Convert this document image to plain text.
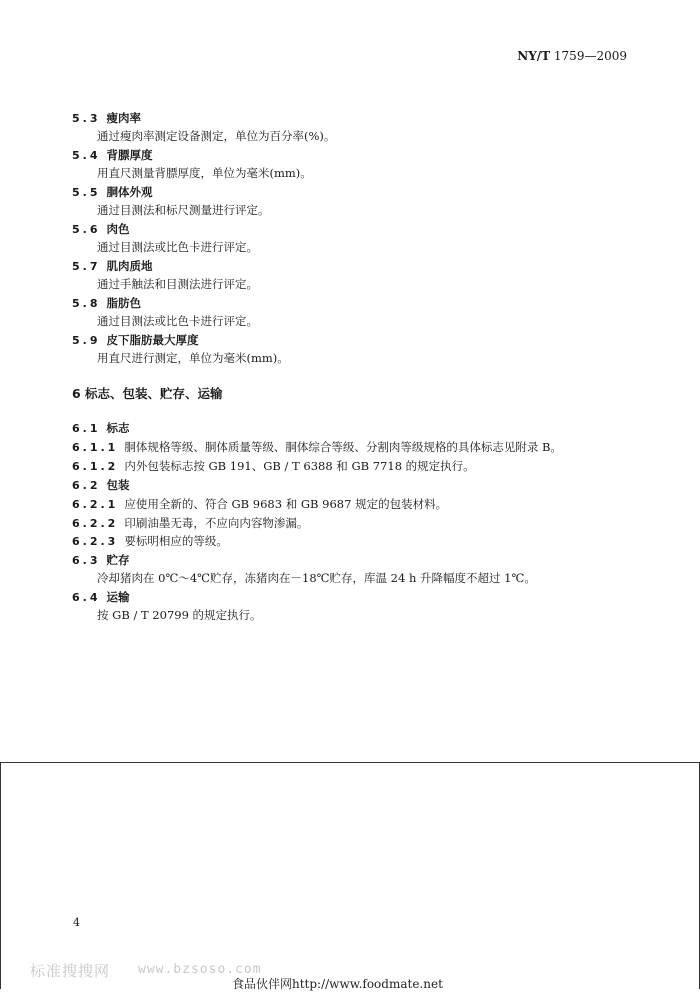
NY/T 1759—2009
5.3 瘦肉率
通过瘦肉率测定设备测定，单位为百分率(%)。
5.4 背膘厚度
用直尺测量背膘厚度，单位为毫米(mm)。
5.5 胴体外观
通过目测法和标尺测量进行评定。
5.6 肉色
通过目测法或比色卡进行评定。
5.7 肌肉质地
通过手触法和目测法进行评定。
5.8 脂肪色
通过目测法或比色卡进行评定。
5.9 皮下脂肪最大厚度
用直尺进行测定，单位为毫米(mm)。
6 标志、包装、贮存、运输
6.1 标志
6.1.1 胴体规格等级、胴体质量等级、胴体综合等级、分割肉等级规格的具体标志见附录 B。
6.1.2 内外包装标志按 GB 191、GB / T 6388 和 GB 7718 的规定执行。
6.2 包装
6.2.1 应使用全新的、符合 GB 9683 和 GB 9687 规定的包装材料。
6.2.2 印刷油墨无毒，不应向内容物渗漏。
6.2.3 要标明相应的等级。
6.3 贮存
冷却猪肉在 0℃～4℃贮存，冻猪肉在－18℃贮存，库温 24 h 升降幅度不超过 1℃。
6.4 运输
按 GB / T 20799 的规定执行。
4
标准搜搜网 www.bzsoso.com
食品伙伴网http://www.foodmate.net
